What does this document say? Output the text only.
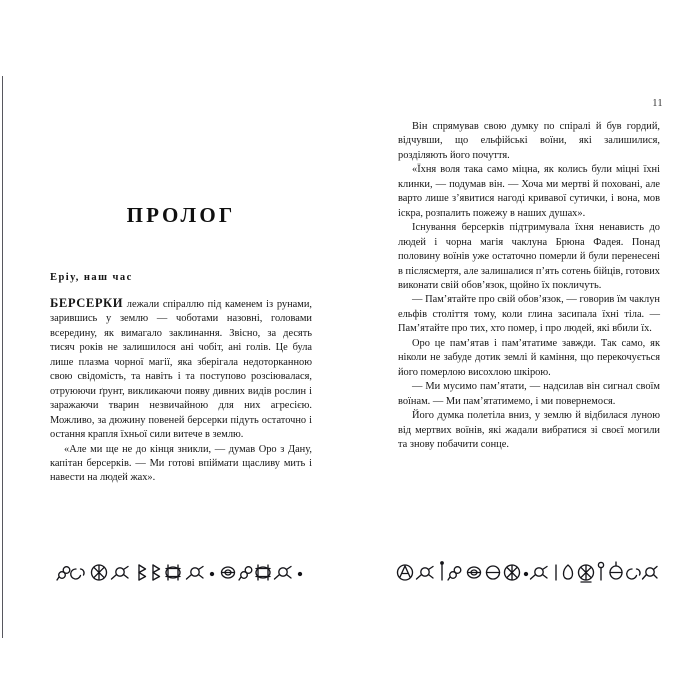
11
ПРОЛОГ
Еріу, наш час

БЕРСЕРКИ лежали спіраллю під каменем із рунами, зарившись у землю — чоботами назовні, головами всередину, як вимагало заклинання. Звісно, за десять тисяч років не залишилося ані чобіт, ані голів. Це була лише плазма чорної магії, яка зберігала недоторканною свою свідомість, та навіть і та поступово розсіювалася, отруюючи ґрунт, викликаючи появу дивних видів рослин і заражаючи тварин незвичайною для них агресією. Можливо, за дюжину повеней берсерки підуть остаточно і остання крапля їхньої сили витече в землю.

«Але ми ще не до кінця зникли, — думав Оро з Дану, капітан берсерків. — Ми готові впіймати щасливу мить і навести на людей жах».

Він спрямував свою думку по спіралі й був гордий, відчувши, що ельфійські воїни, які залишилися, розділяють його почуття.

«Їхня воля така само міцна, як колись були міцні їхні клинки, — подумав він. — Хоча ми мертві й поховані, але варто лише з’явитися нагоді кривавої сутички, і вона, мов іскра, розпалить пожежу в наших душах».

Існування берсерків підтримувала їхня ненависть до людей і чорна магія чаклуна Брюна Фадея. Понад половину воїнів уже остаточно померли й були перенесені в післясмертя, але залишалися п’ять сотень бійців, готових виконати свій обов’язок, щойно їх покличуть.

— Пам’ятайте про свій обов’язок, — говорив їм чаклун ельфів століття тому, коли глина засипала їхні тіла. — Пам’ятайте про тих, хто помер, і про людей, які вбили їх.

Оро це пам’ятав і пам’ятатиме завжди. Так само, як ніколи не забуде дотик землі й каміння, що перекочується його померлою висохлою шкірою.

— Ми мусимо пам’ятати, — надсилав він сигнал своїм воїнам. — Ми пам’ятатимемо, і ми повернемося.

Його думка полетіла вниз, у землю й відбилася луною від мертвих воїнів, які жадали вибратися зі своєї могили та знову побачити сонце.
